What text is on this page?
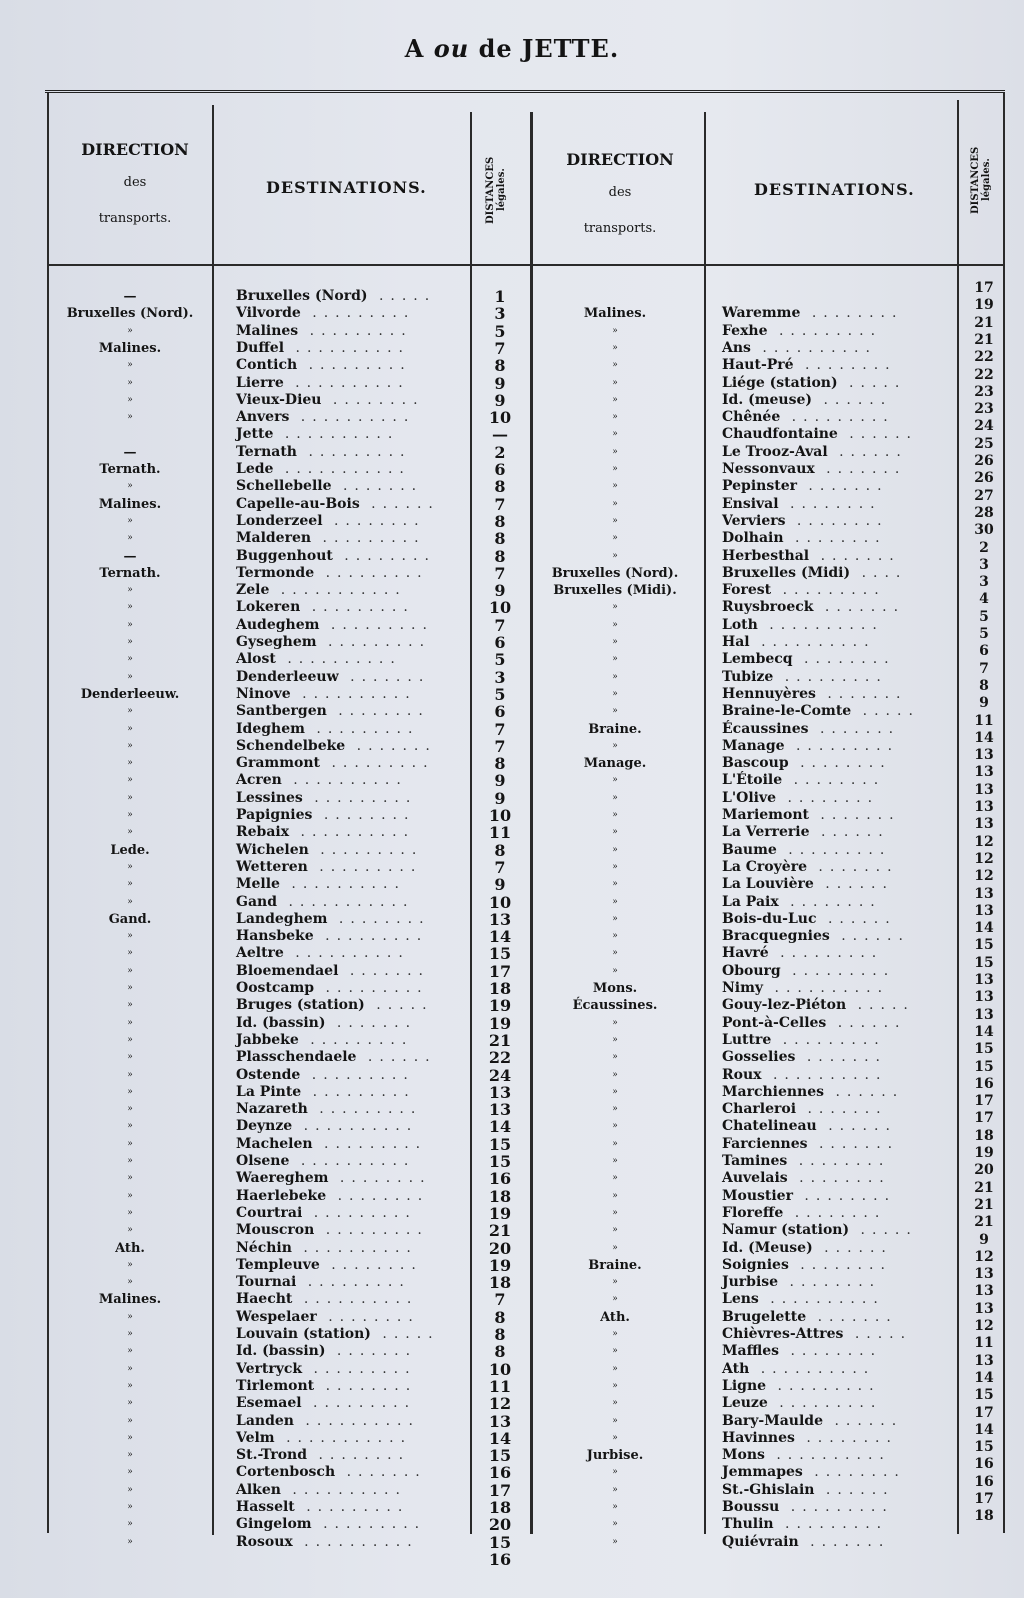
A ou de JETTE.
DIRECTION
des
transports.
DESTINATIONS.	DISTANCES
légales.
DIRECTION
des
transports.
DESTINATIONS.	DISTANCES
légales.
—
Bruxelles (Nord).
»
Malines.
»
»
»
»
—
Ternath.
»
Malines.
»
»
—
Ternath.
»
»
»
»
»
»
Denderleeuw.
»
»
»
»
»
»
»
»
Lede.
»
»
»
Gand.
»
»
»
»
»
»
»
»
»
»
»
»
»
»
»
»
»
»
Ath.
»
»
Malines.
»
»
»
»
»
»
»
»
»
»
»
»
»
»
Bruxelles (Nord) .....
Vilvorde .........
Malines .........
Duffel ..........
Contich .........
Lierre ..........
Vieux-Dieu ........
Anvers ..........
Jette ..........
Ternath .........
Lede ...........
Schellebelle .......
Capelle-au-Bois ......
Londerzeel ........
Malderen .........
Buggenhout ........
Termonde .........
Zele ...........
Lokeren .........
Audeghem .........
Gyseghem .........
Alost ..........
Denderleeuw .......
Ninove ..........
Santbergen ........
Ideghem .........
Schendelbeke .......
Grammont .........
Acren ..........
Lessines .........
Papignies ........
Rebaix ..........
Wichelen .........
Wetteren .........
Melle ..........
Gand ...........
Landeghem ........
Hansbeke .........
Aeltre ..........
Bloemendael .......
Oostcamp .........
Bruges (station) .....
Id. (bassin) .......
Jabbeke .........
Plasschendaele ......
Ostende .........
La Pinte .........
Nazareth .........
Deynze ..........
Machelen .........
Olsene ..........
Waereghem ........
Haerlebeke ........
Courtrai .........
Mouscron .........
Néchin ..........
Templeuve ........
Tournai .........
Haecht ..........
Wespelaer ........
Louvain (station) .....
Id. (bassin) .......
Vertryck .........
Tirlemont ........
Esemael .........
Landen ..........
Velm ...........
St.-Trond ........
Cortenbosch .......
Alken ..........
Hasselt .........
Gingelom .........
Rosoux ..........
1
3
5
7
8
9
9
10
—
2
6
8
7
8
8
8
7
9
10
7
6
5
3
5
6
7
7
8
9
9
10
11
8
7
9
10
13
14
15
17
18
19
19
21
22
24
13
13
14
15
15
16
18
19
21
20
19
18
7
8
8
8
10
11
12
13
14
15
16
17
18
20
15
16
Malines.
»
»
»
»
»
»
»
»
»
»
»
»
»
»
Bruxelles (Nord).
Bruxelles (Midi).
»
»
»
»
»
»
»
Braine.
»
Manage.
»
»
»
»
»
»
»
»
»
»
»
»
Mons.
Écaussines.
»
»
»
»
»
»
»
»
»
»
»
»
»
»
Braine.
»
»
Ath.
»
»
»
»
»
»
»
Jurbise.
»
»
»
»
»
Waremme ........
Fexhe .........
Ans ..........
Haut-Pré ........
Liége (station) .....
Id. (meuse) ......
Chênée .........
Chaudfontaine ......
Le Trooz-Aval ......
Nessonvaux .......
Pepinster .......
Ensival ........
Verviers ........
Dolhain ........
Herbesthal .......
Bruxelles (Midi) ....
Forest .........
Ruysbroeck .......
Loth ..........
Hal ..........
Lembecq ........
Tubize .........
Hennuyères .......
Braine-le-Comte .....
Écaussines .......
Manage .........
Bascoup ........
L'Étoile ........
L'Olive ........
Mariemont .......
La Verrerie ......
Baume .........
La Croyère .......
La Louvière ......
La Paix ........
Bois-du-Luc ......
Bracquegnies ......
Havré .........
Obourg .........
Nimy ..........
Gouy-lez-Piéton .....
Pont-à-Celles ......
Luttre .........
Gosselies .......
Roux ..........
Marchiennes ......
Charleroi .......
Chatelineau ......
Farciennes .......
Tamines ........
Auvelais ........
Moustier ........
Floreffe ........
Namur (station) .....
Id. (Meuse) ......
Soignies ........
Jurbise ........
Lens ..........
Brugelette .......
Chièvres-Attres .....
Maffles ........
Ath ..........
Ligne .........
Leuze .........
Bary-Maulde ......
Havinnes ........
Mons ..........
Jemmapes ........
St.-Ghislain ......
Boussu .........
Thulin .........
Quiévrain .......
17
19
21
21
22
22
23
23
24
25
26
26
27
28
30
2
3
3
4
5
5
6
7
8
9
11
14
13
13
13
13
13
12
12
12
13
13
14
15
15
13
13
13
14
15
15
16
17
17
18
19
20
21
21
21
9
12
13
13
13
12
11
13
14
15
17
14
15
16
16
17
18
